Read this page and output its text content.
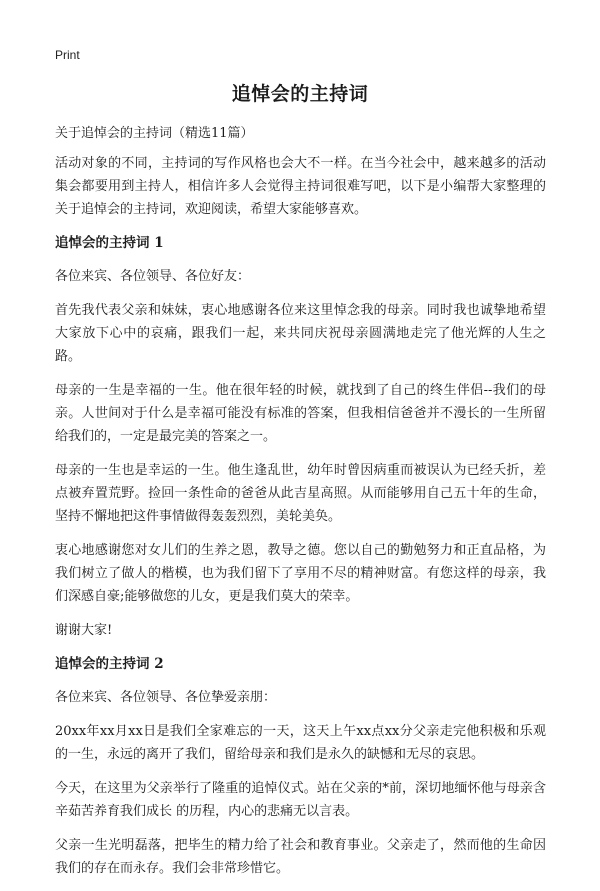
Print
追悼会的主持词

关于追悼会的主持词（精选11篇）

活动对象的不同，主持词的写作风格也会大不一样。在当今社会中，越来越多的活动集会都要用到主持人，相信许多人会觉得主持词很难写吧，以下是小编帮大家整理的关于追悼会的主持词，欢迎阅读，希望大家能够喜欢。

追悼会的主持词 1

各位来宾、各位领导、各位好友：

首先我代表父亲和妹妹，衷心地感谢各位来这里悼念我的母亲。同时我也诚挚地希望大家放下心中的哀痛，跟我们一起，来共同庆祝母亲圆满地走完了他光辉的人生之路。

母亲的一生是幸福的一生。他在很年轻的时候，就找到了自己的终生伴侣--我们的母亲。人世间对于什么是幸福可能没有标准的答案，但我相信爸爸并不漫长的一生所留给我们的，一定是最完美的答案之一。

母亲的一生也是幸运的一生。他生逢乱世，幼年时曾因病重而被误认为已经夭折，差点被弃置荒野。捡回一条性命的爸爸从此吉星高照。从而能够用自己五十年的生命，坚持不懈地把这件事情做得轰轰烈烈，美轮美奂。

衷心地感谢您对女儿们的生养之恩，教导之德。您以自己的勤勉努力和正直品格，为我们树立了做人的楷模，也为我们留下了享用不尽的精神财富。有您这样的母亲，我们深感自豪;能够做您的儿女，更是我们莫大的荣幸。

谢谢大家!

追悼会的主持词 2

各位来宾、各位领导、各位挚爱亲朋：

20xx年xx月xx日是我们全家难忘的一天，这天上午xx点xx分父亲走完他积极和乐观的一生，永远的离开了我们，留给母亲和我们是永久的缺憾和无尽的哀思。

今天，在这里为父亲举行了隆重的追悼仪式。站在父亲的*前，深切地缅怀他与母亲含辛茹苦养育我们成长 的历程，内心的悲痛无以言表。

父亲一生光明磊落，把毕生的精力给了社会和教育事业。父亲走了，然而他的生命因我们的存在而永存。我们会非常珍惜它。
